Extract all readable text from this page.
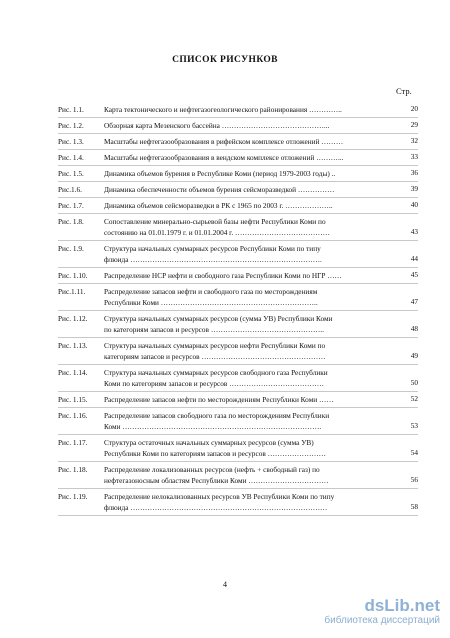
СПИСОК РИСУНКОВ
Стр.
Рис. 1.1.	Карта тектонического и нефтегазогеологического районирования …………..	20
Рис. 1.2.	Обзорная карта Мезенского бассейна ……………………………………...	29
Рис. 1.3.	Масштабы нефтегазообразования в рифейском комплексе отложений ………	32
Рис. 1.4.	Масштабы нефтегазообразования в вендском комплексе отложений ………...	33
Рис. 1.5.	Динамика объемов бурения в Республике Коми (период 1979-2003 годы) ..	36
Рис.1.6.	Динамика обеспеченности объемов бурения сейсморазведкой ……………	39
Рис. 1.7.	Динамика объемов сейсморазведки в РК с 1965 по 2003 г. ………………..	40
Рис. 1.8.	Сопоставление минерально-сырьевой базы нефти Республики Коми по
состоянию на 01.01.1979 г. и 01.01.2004 г. …………………………………	43
Рис. 1.9.	Структура начальных суммарных ресурсов Республики Коми по типу
флюида …………………………………………………………………….	44
Рис. 1.10.	Распределение НСР нефти и свободного газа Республики Коми по НГР ……	45
Рис.1.11.	Распределение запасов нефти и свободного газа по месторождениям
Республики Коми ………………………………………………………..	47
Рис. 1.12.	Структура начальных суммарных ресурсов (сумма УВ) Республики Коми
по категориям запасов и ресурсов ………………………………………..	48
Рис. 1.13.	Структура начальных суммарных ресурсов нефти Республики Коми по
категориям запасов и ресурсов ……………………………………………	49
Рис. 1.14.	Структура начальных суммарных ресурсов свободного газа Республики
Коми по категориям запасов и ресурсов …………………………………	50
Рис. 1.15.	Распределение запасов нефти по месторождениям Республики Коми ……	52
Рис. 1.16.	Распределение запасов свободного газа по месторождениям Республики
Коми ……………………………………………………………………….	53
Рис. 1.17.	Структура остаточных начальных суммарных ресурсов (сумма УВ)
Республики Коми по категориям запасов и ресурсов ……………………	54
Рис. 1.18.	Распределение локализованных ресурсов (нефть + свободный газ) по
нефтегазоносным областям Республики Коми ……………………………	56
Рис. 1.19.	Распределение нелокализованных ресурсов УВ Республики Коми по типу
флюида ………………………………………………………………………	58
4
dsLib.net
библиотека диссертаций
